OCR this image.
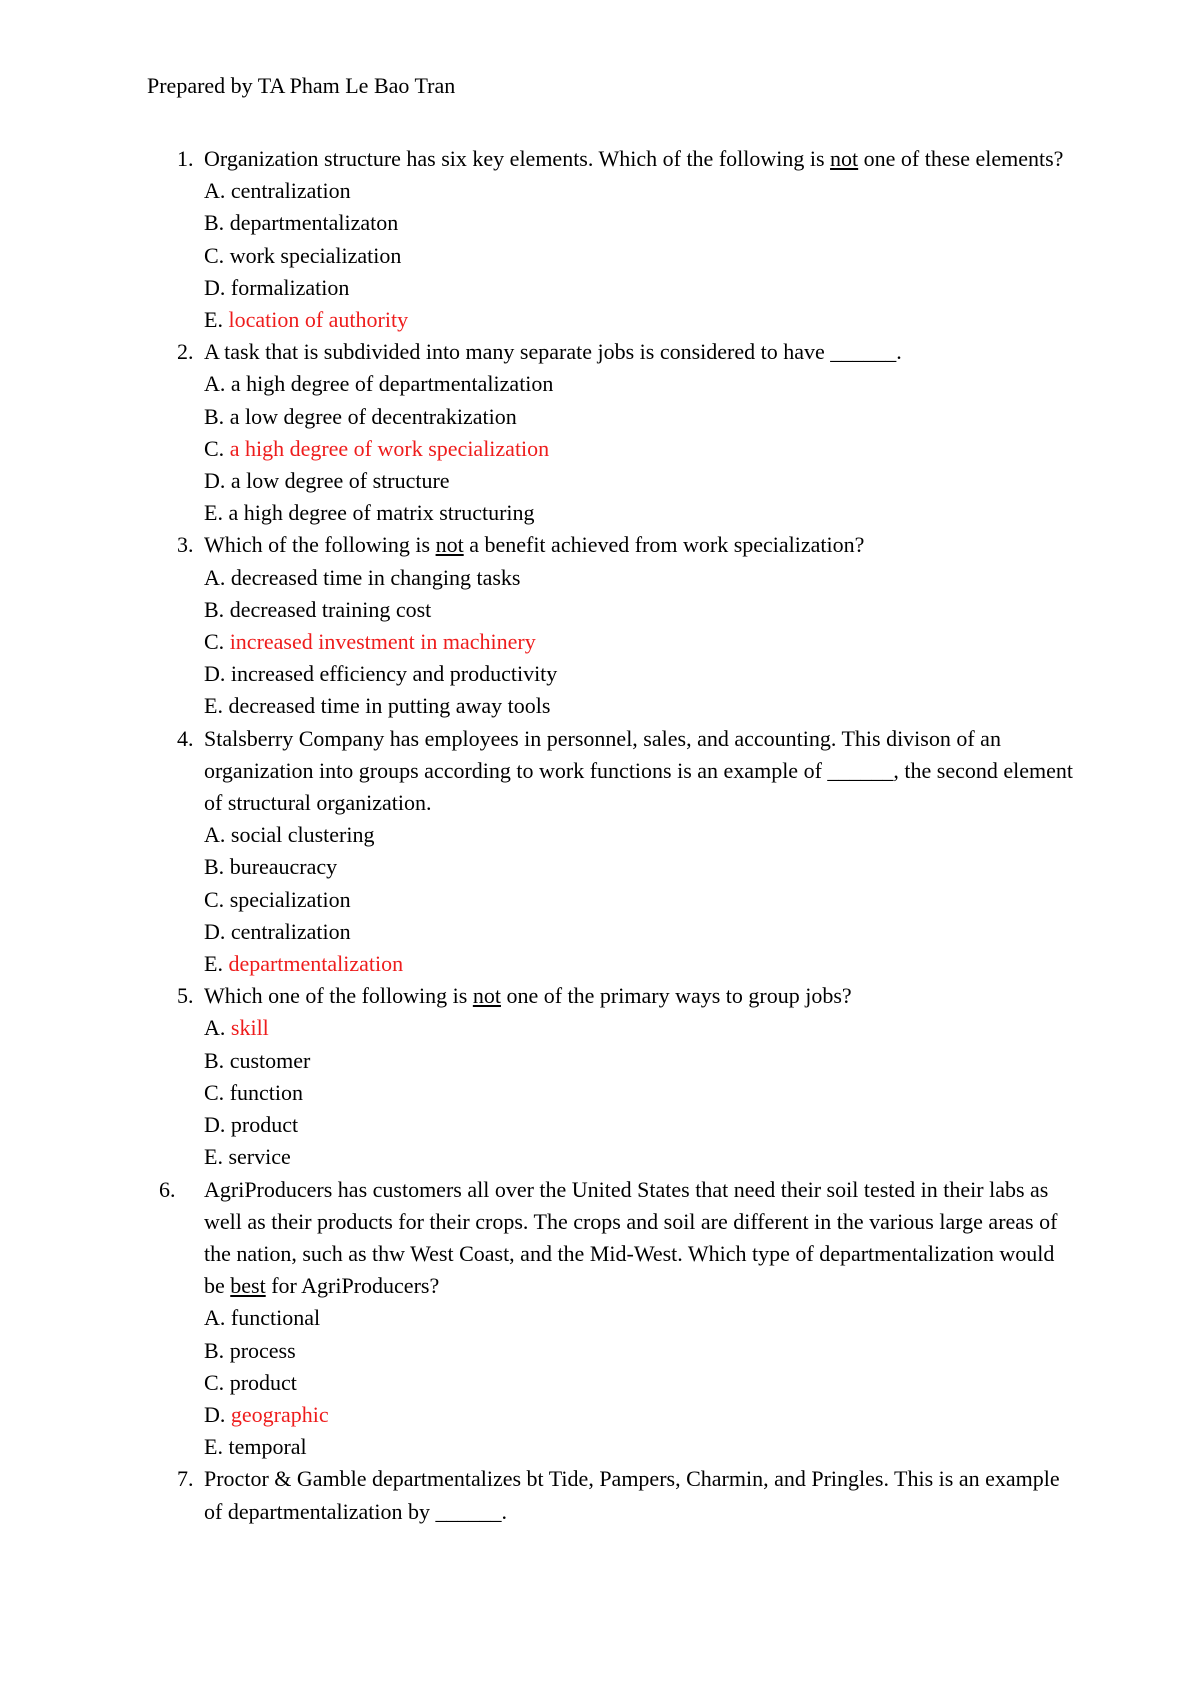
Prepared by TA Pham Le Bao Tran
1. Organization structure has six key elements. Which of the following is not one of these elements?
A. centralization
B. departmentalizaton
C. work specialization
D. formalization
E. location of authority
2. A task that is subdivided into many separate jobs is considered to have ______.
A. a high degree of departmentalization
B. a low degree of decentrakization
C. a high degree of work specialization
D. a low degree of structure
E. a high degree of matrix structuring
3. Which of the following is not a benefit achieved from work specialization?
A. decreased time in changing tasks
B. decreased training cost
C. increased investment in machinery
D. increased efficiency and productivity
E. decreased time in putting away tools
4. Stalsberry Company has employees in personnel, sales, and accounting. This divison of an organization into groups according to work functions is an example of ______, the second element of structural organization.
A. social clustering
B. bureaucracy
C. specialization
D. centralization
E. departmentalization
5. Which one of the following is not one of the primary ways to group jobs?
A. skill
B. customer
C. function
D. product
E. service
6. AgriProducers has customers all over the United States that need their soil tested in their labs as well as their products for their crops. The crops and soil are different in the various large areas of the nation, such as thw West Coast, and the Mid-West. Which type of departmentalization would be best for AgriProducers?
A. functional
B. process
C. product
D. geographic
E. temporal
7. Proctor & Gamble departmentalizes bt Tide, Pampers, Charmin, and Pringles. This is an example of departmentalization by ______.
